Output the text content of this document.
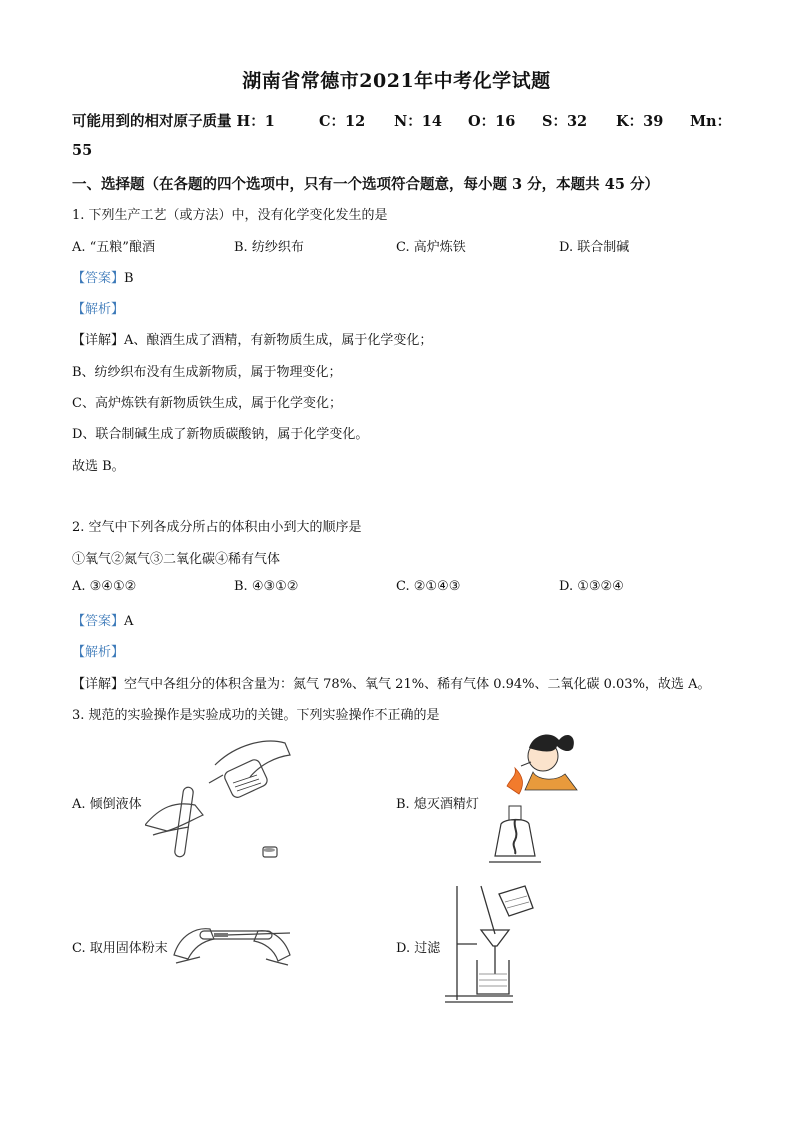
湖南省常德市2021年中考化学试题
可能用到的相对原子质量 H：1	C：12 N：14 O：16 S：32 K：39 Mn：
55
一、选择题（在各题的四个选项中，只有一个选项符合题意，每小题 3 分，本题共 45 分）
1. 下列生产工艺（或方法）中，没有化学变化发生的是
A. “五粮”酿酒	B. 纺纱织布	C. 高炉炼铁	D. 联合制碱
【答案】B
【解析】
【详解】A、酿酒生成了酒精，有新物质生成，属于化学变化；
B、纺纱织布没有生成新物质，属于物理变化；
C、高炉炼铁有新物质铁生成，属于化学变化；
D、联合制碱生成了新物质碳酸钠，属于化学变化。
故选 B。
2. 空气中下列各成分所占的体积由小到大的顺序是
①氧气②氮气③二氧化碳④稀有气体
A. ③④①②	B. ④③①②	C. ②①④③	D. ①③②④
【答案】A
【解析】
【详解】空气中各组分的体积含量为：氮气 78%、氧气 21%、稀有气体 0.94%、二氧化碳 0.03%，故选 A。
3. 规范的实验操作是实验成功的关键。下列实验操作不正确的是
A. 倾倒液体	B. 熄灭酒精灯
C. 取用固体粉末	D. 过滤
